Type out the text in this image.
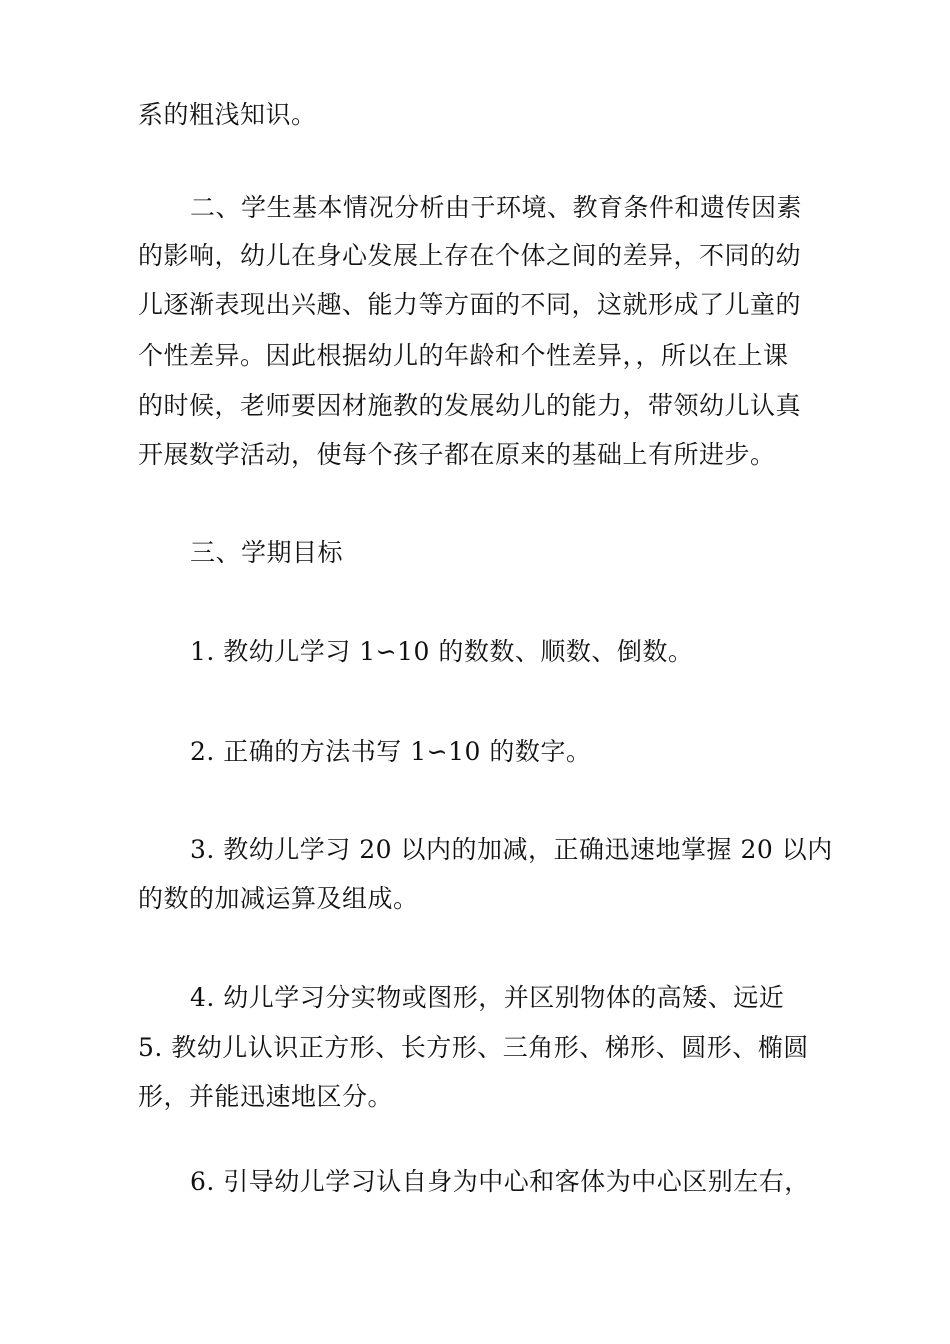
系的粗浅知识。
二、学生基本情况分析由于环境、教育条件和遗传因素
的影响，幼儿在身心发展上存在个体之间的差异，不同的幼
儿逐渐表现出兴趣、能力等方面的不同，这就形成了儿童的
个性差异。因此根据幼儿的年龄和个性差异，，所以在上课
的时候，老师要因材施教的发展幼儿的能力，带领幼儿认真
开展数学活动，使每个孩子都在原来的基础上有所进步。
三、学期目标
1. 教幼儿学习 1∽10 的数数、顺数、倒数。
2. 正确的方法书写 1∽10 的数字。
3. 教幼儿学习 20 以内的加减，正确迅速地掌握 20 以内
的数的加减运算及组成。
4. 幼儿学习分实物或图形，并区别物体的高矮、远近
5. 教幼儿认识正方形、长方形、三角形、梯形、圆形、椭圆
形，并能迅速地区分。
6. 引导幼儿学习认自身为中心和客体为中心区别左右，
